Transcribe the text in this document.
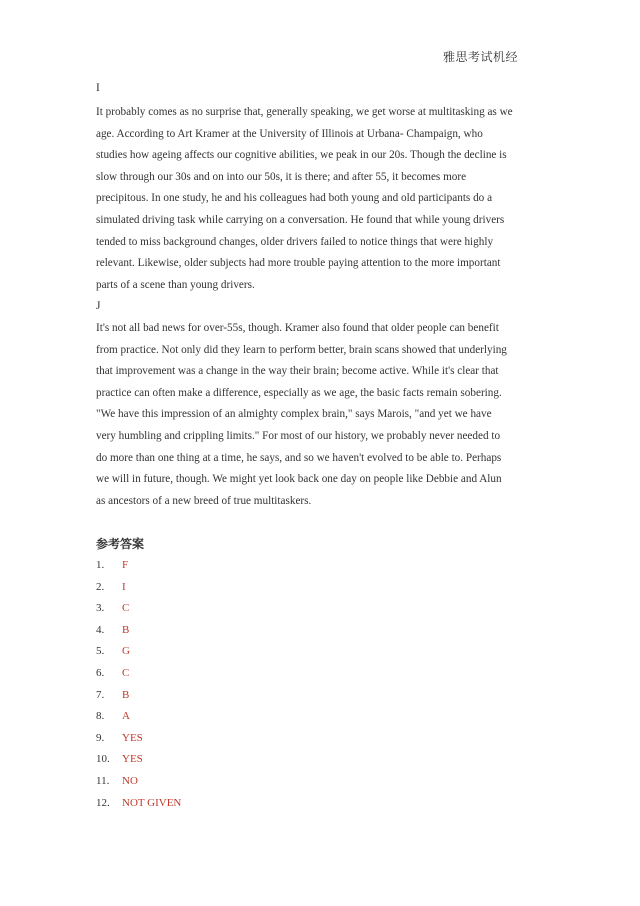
雅思考试机经
I
It probably comes as no surprise that, generally speaking, we get worse at multitasking as we
age. According to Art Kramer at the University of Illinois at Urbana- Champaign, who
studies how ageing affects our cognitive abilities, we peak in our 20s. Though the decline is
slow through our 30s and on into our 50s, it is there; and after 55, it becomes more
precipitous. In one study, he and his colleagues had both young and old participants do a
simulated driving task while carrying on a conversation. He found that while young drivers
tended to miss background changes, older drivers failed to notice things that were highly
relevant. Likewise, older subjects had more trouble paying attention to the more important
parts of a scene than young drivers.
J
It's not all bad news for over-55s, though. Kramer also found that older people can benefit
from practice. Not only did they learn to perform better, brain scans showed that underlying
that improvement was a change in the way their brain; become active. While it's clear that
practice can often make a difference, especially as we age, the basic facts remain sobering.
"We have this impression of an almighty complex brain," says Marois, "and yet we have
very humbling and crippling limits." For most of our history, we probably never needed to
do more than one thing at a time, he says, and so we haven't evolved to be able to. Perhaps
we will in future, though. We might yet look back one day on people like Debbie and Alun
as ancestors of a new breed of true multitaskers.
参考答案
1.	F
2.	I
3.	C
4.	B
5.	G
6.	C
7.	B
8.	A
9.	YES
10.	YES
11.	NO
12.	NOT GIVEN
